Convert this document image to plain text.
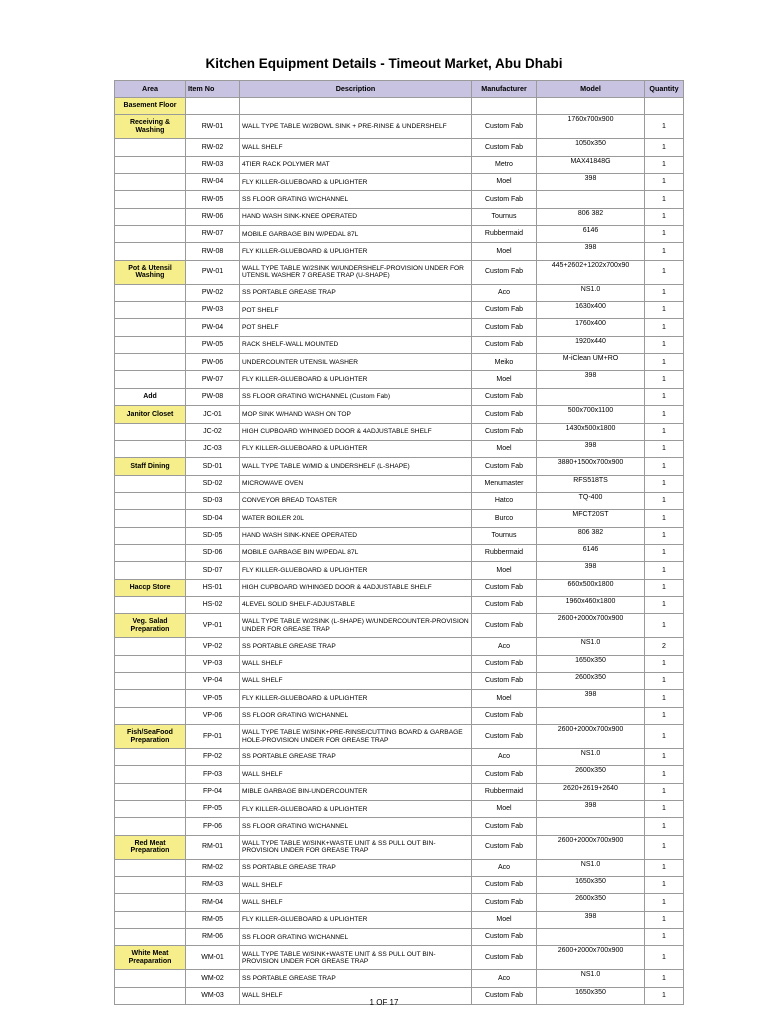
Kitchen Equipment Details - Timeout Market, Abu Dhabi
Area	Item No	Description	Manufacturer	Model	Quantity
Basement Floor					
Receiving & Washing	RW-01	WALL TYPE TABLE W/2BOWL SINK + PRE-RINSE & UNDERSHELF	Custom Fab	1760x700x900	1
	RW-02	WALL SHELF	Custom Fab	1050x350	1
	RW-03	4TIER RACK POLYMER MAT	Metro	MAX41848G	1
	RW-04	FLY KILLER-GLUEBOARD & UPLIGHTER	Moel	398	1
	RW-05	SS FLOOR GRATING W/CHANNEL	Custom Fab		1
	RW-06	HAND WASH SINK-KNEE OPERATED	Tournus	806 382	1
	RW-07	MOBILE GARBAGE BIN W/PEDAL 87L	Rubbermaid	6146	1
	RW-08	FLY KILLER-GLUEBOARD & UPLIGHTER	Moel	398	1
Pot & Utensil Washing	PW-01	WALL TYPE TABLE W/2SINK W/UNDERSHELF-PROVISION UNDER FOR UTENSIL WASHER 7 GREASE TRAP (U-SHAPE)	Custom Fab	445+2602+1202x700x90	1
	PW-02	SS PORTABLE GREASE TRAP	Aco	NS1.0	1
	PW-03	POT SHELF	Custom Fab	1630x400	1
	PW-04	POT SHELF	Custom Fab	1760x400	1
	PW-05	RACK SHELF-WALL MOUNTED	Custom Fab	1920x440	1
	PW-06	UNDERCOUNTER UTENSIL WASHER	Meiko	M-iClean UM+RO	1
	PW-07	FLY KILLER-GLUEBOARD & UPLIGHTER	Moel	398	1
Add	PW-08	SS FLOOR GRATING W/CHANNEL (Custom Fab)	Custom Fab		1
Janitor Closet	JC-01	MOP SINK W/HAND WASH ON TOP	Custom Fab	500x700x1100	1
	JC-02	HIGH CUPBOARD W/HINGED DOOR & 4ADJUSTABLE SHELF	Custom Fab	1430x500x1800	1
	JC-03	FLY KILLER-GLUEBOARD & UPLIGHTER	Moel	398	1
Staff Dining	SD-01	WALL TYPE TABLE W/MID & UNDERSHELF (L-SHAPE)	Custom Fab	3880+1500x700x900	1
	SD-02	MICROWAVE OVEN	Menumaster	RFS518TS	1
	SD-03	CONVEYOR BREAD TOASTER	Hatco	TQ-400	1
	SD-04	WATER BOILER 20L	Burco	MFCT20ST	1
	SD-05	HAND WASH SINK-KNEE OPERATED	Tournus	806 382	1
	SD-06	MOBILE GARBAGE BIN W/PEDAL 87L	Rubbermaid	6146	1
	SD-07	FLY KILLER-GLUEBOARD & UPLIGHTER	Moel	398	1
Haccp Store	HS-01	HIGH CUPBOARD W/HINGED DOOR & 4ADJUSTABLE SHELF	Custom Fab	660x500x1800	1
	HS-02	4LEVEL SOLID SHELF-ADJUSTABLE	Custom Fab	1960x460x1800	1
Veg. Salad Preparation	VP-01	WALL TYPE TABLE W/2SINK (L-SHAPE) W/UNDERCOUNTER-PROVISION UNDER FOR GREASE TRAP	Custom Fab	2600+2000x700x900	1
	VP-02	SS PORTABLE GREASE TRAP	Aco	NS1.0	2
	VP-03	WALL SHELF	Custom Fab	1650x350	1
	VP-04	WALL SHELF	Custom Fab	2600x350	1
	VP-05	FLY KILLER-GLUEBOARD & UPLIGHTER	Moel	398	1
	VP-06	SS FLOOR GRATING W/CHANNEL	Custom Fab		1
Fish/SeaFood Preparation	FP-01	WALL TYPE TABLE W/SINK+PRE-RINSE/CUTTING BOARD & GARBAGE HOLE-PROVISION UNDER FOR GREASE TRAP	Custom Fab	2600+2000x700x900	1
	FP-02	SS PORTABLE GREASE TRAP	Aco	NS1.0	1
	FP-03	WALL SHELF	Custom Fab	2600x350	1
	FP-04	MIBLE GARBAGE BIN-UNDERCOUNTER	Rubbermaid	2620+2619+2640	1
	FP-05	FLY KILLER-GLUEBOARD & UPLIGHTER	Moel	398	1
	FP-06	SS FLOOR GRATING W/CHANNEL	Custom Fab		1
Red Meat Preparation	RM-01	WALL TYPE TABLE W/SINK+WASTE UNIT & SS PULL OUT BIN-PROVISION UNDER FOR GREASE TRAP	Custom Fab	2600+2000x700x900	1
	RM-02	SS PORTABLE GREASE TRAP	Aco	NS1.0	1
	RM-03	WALL SHELF	Custom Fab	1650x350	1
	RM-04	WALL SHELF	Custom Fab	2600x350	1
	RM-05	FLY KILLER-GLUEBOARD & UPLIGHTER	Moel	398	1
	RM-06	SS FLOOR GRATING W/CHANNEL	Custom Fab		1
White Meat Preaparation	WM-01	WALL TYPE TABLE W/SINK+WASTE UNIT & SS PULL OUT BIN-PROVISION UNDER FOR GREASE TRAP	Custom Fab	2600+2000x700x900	1
	WM-02	SS PORTABLE GREASE TRAP	Aco	NS1.0	1
	WM-03	WALL SHELF	Custom Fab	1650x350	1
1 OF 17
